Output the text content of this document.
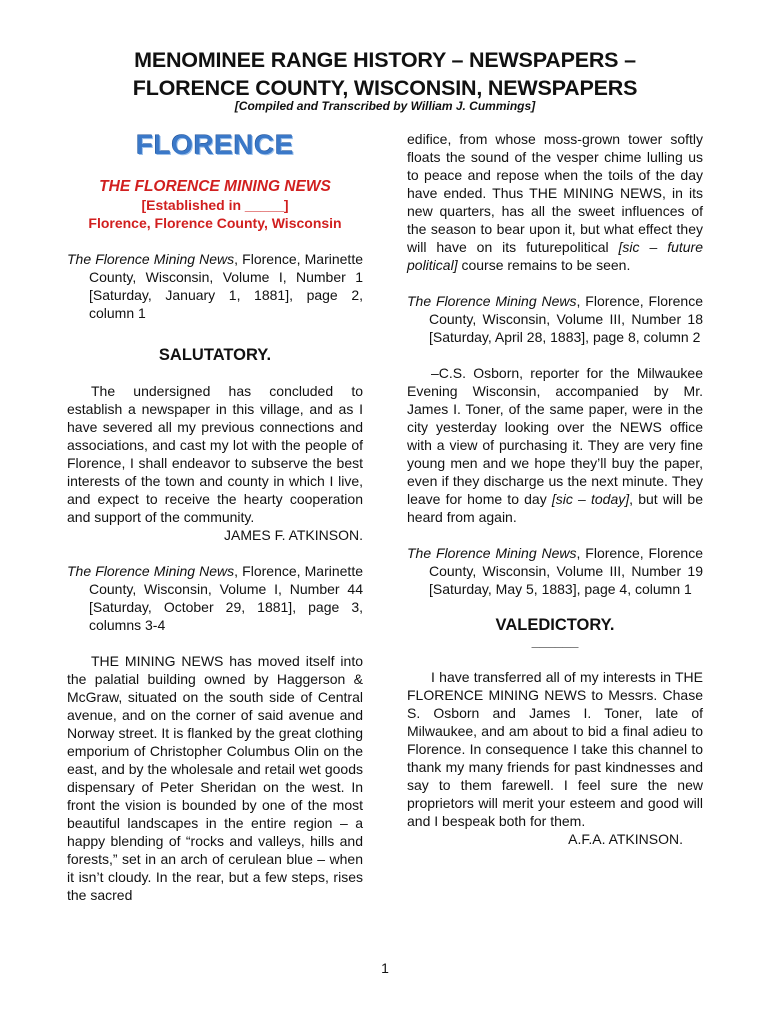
MENOMINEE RANGE HISTORY – NEWSPAPERS –
FLORENCE COUNTY, WISCONSIN, NEWSPAPERS
[Compiled and Transcribed by William J. Cummings]
FLORENCE
THE FLORENCE MINING NEWS
[Established in _____]
Florence, Florence County, Wisconsin

The Florence Mining News, Florence, Marinette County, Wisconsin, Volume I, Number 1 [Saturday, January 1, 1881], page 2, column 1

SALUTATORY.

The undersigned has concluded to establish a newspaper in this village, and as I have severed all my previous connections and associations, and cast my lot with the people of Florence, I shall endeavor to subserve the best interests of the town and county in which I live, and expect to receive the hearty cooperation and support of the community.

JAMES F. ATKINSON.

The Florence Mining News, Florence, Marinette County, Wisconsin, Volume I, Number 44 [Saturday, October 29, 1881], page 3, columns 3-4

THE MINING NEWS has moved itself into the palatial building owned by Haggerson & McGraw, situated on the south side of Central avenue, and on the corner of said avenue and Norway street. It is flanked by the great clothing emporium of Christopher Columbus Olin on the east, and by the wholesale and retail wet goods dispensary of Peter Sheridan on the west. In front the vision is bounded by one of the most beautiful landscapes in the entire region – a happy blending of “rocks and valleys, hills and forests,” set in an arch of cerulean blue – when it isn’t cloudy. In the rear, but a few steps, rises the sacred

edifice, from whose moss-grown tower softly floats the sound of the vesper chime lulling us to peace and repose when the toils of the day have ended. Thus THE MINING NEWS, in its new quarters, has all the sweet influences of the season to bear upon it, but what effect they will have on its futurepolitical [sic – future political] course remains to be seen.

The Florence Mining News, Florence, Florence County, Wisconsin, Volume III, Number 18 [Saturday, April 28, 1883], page 8, column 2

–C.S. Osborn, reporter for the Milwaukee Evening Wisconsin, accompanied by Mr. James I. Toner, of the same paper, were in the city yesterday looking over the NEWS office with a view of purchasing it. They are very fine young men and we hope they’ll buy the paper, even if they discharge us the next minute. They leave for home to day [sic – today], but will be heard from again.

The Florence Mining News, Florence, Florence County, Wisconsin, Volume III, Number 19 [Saturday, May 5, 1883], page 4, column 1

VALEDICTORY.
______

I have transferred all of my interests in THE FLORENCE MINING NEWS to Messrs. Chase S. Osborn and James I. Toner, late of Milwaukee, and am about to bid a final adieu to Florence. In consequence I take this channel to thank my many friends for past kindnesses and say to them farewell. I feel sure the new proprietors will merit your esteem and good will and I bespeak both for them.

A.F.A. ATKINSON.

1
